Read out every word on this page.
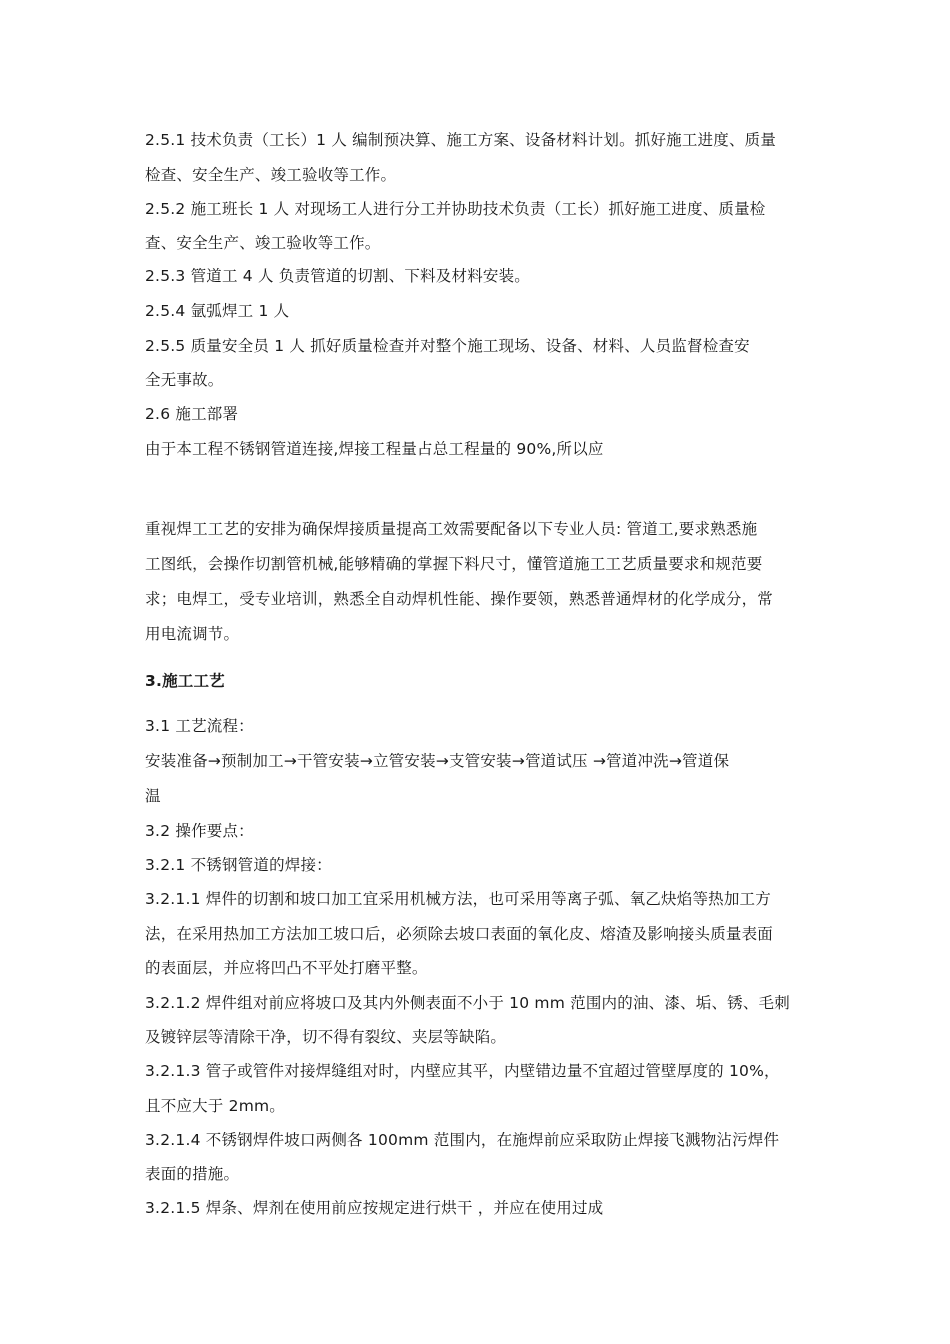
2.5.1 技术负责（工长）1 人 编制预决算、施工方案、设备材料计划。抓好施工进度、质量
检查、安全生产、竣工验收等工作。
2.5.2 施工班长 1 人 对现场工人进行分工并协助技术负责（工长）抓好施工进度、质量检
查、安全生产、竣工验收等工作。
2.5.3 管道工 4 人 负责管道的切割、下料及材料安装。
2.5.4 氩弧焊工 1 人
2.5.5 质量安全员 1 人 抓好质量检查并对整个施工现场、设备、材料、人员监督检查安
全无事故。
2.6 施工部署
由于本工程不锈钢管道连接,焊接工程量占总工程量的 90%,所以应
重视焊工工艺的安排为确保焊接质量提高工效需要配备以下专业人员: 管道工,要求熟悉施
工图纸，会操作切割管机械,能够精确的掌握下料尺寸，懂管道施工工艺质量要求和规范要
求；电焊工，受专业培训，熟悉全自动焊机性能、操作要领，熟悉普通焊材的化学成分，常
用电流调节。
3.施工工艺
3.1 工艺流程：
安装准备→预制加工→干管安装→立管安装→支管安装→管道试压 →管道冲洗→管道保
温
3.2 操作要点：
3.2.1 不锈钢管道的焊接：
3.2.1.1 焊件的切割和坡口加工宜采用机械方法，也可采用等离子弧、氧乙炔焰等热加工方
法，在采用热加工方法加工坡口后，必须除去坡口表面的氧化皮、熔渣及影响接头质量表面
的表面层，并应将凹凸不平处打磨平整。
3.2.1.2 焊件组对前应将坡口及其内外侧表面不小于 10 mm 范围内的油、漆、垢、锈、毛刺
及镀锌层等清除干净，切不得有裂纹、夹层等缺陷。
3.2.1.3 管子或管件对接焊缝组对时，内壁应其平，内壁错边量不宜超过管壁厚度的 10%，
且不应大于 2mm。
3.2.1.4 不锈钢焊件坡口两侧各 100mm 范围内，在施焊前应采取防止焊接飞溅物沾污焊件
表面的措施。
3.2.1.5 焊条、焊剂在使用前应按规定进行烘干 ，并应在使用过成
